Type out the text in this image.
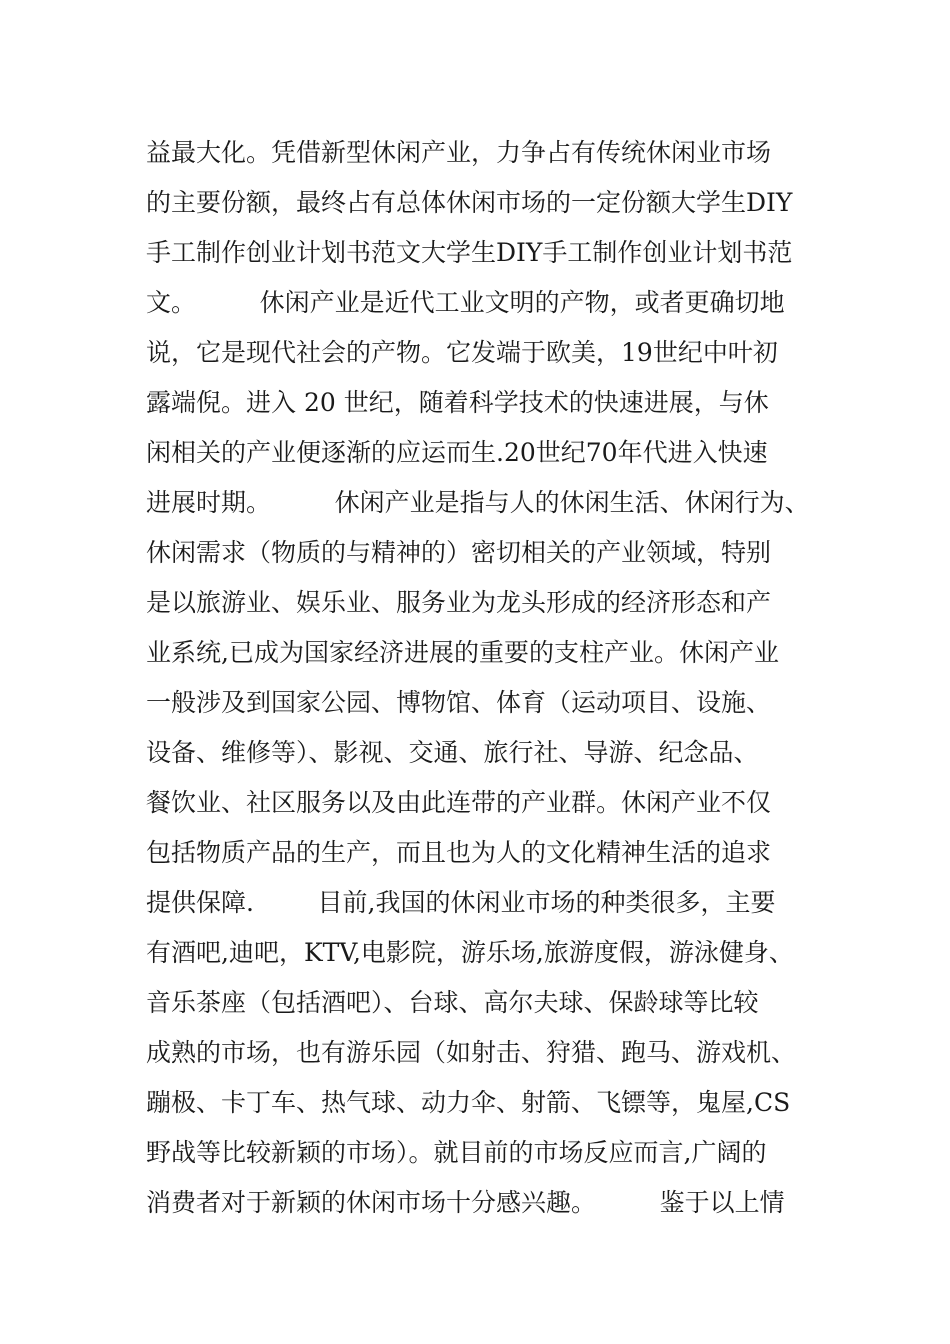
益最大化。凭借新型休闲产业，力争占有传统休闲业市场
的主要份额，最终占有总体休闲市场的一定份额大学生DIY
手工制作创业计划书范文大学生DIY手工制作创业计划书范
文。        休闲产业是近代工业文明的产物，或者更确切地
说，它是现代社会的产物。它发端于欧美，19世纪中叶初
露端倪。进入 20 世纪，随着科学技术的快速进展，与休
闲相关的产业便逐渐的应运而生.20世纪70年代进入快速
进展时期。        休闲产业是指与人的休闲生活、休闲行为、
休闲需求（物质的与精神的）密切相关的产业领域，特别
是以旅游业、娱乐业、服务业为龙头形成的经济形态和产
业系统,已成为国家经济进展的重要的支柱产业。休闲产业
一般涉及到国家公园、博物馆、体育（运动项目、设施、
设备、维修等）、影视、交通、旅行社、导游、纪念品、
餐饮业、社区服务以及由此连带的产业群。休闲产业不仅
包括物质产品的生产，而且也为人的文化精神生活的追求
提供保障.        目前,我国的休闲业市场的种类很多，主要
有酒吧,迪吧，KTV,电影院，游乐场,旅游度假，游泳健身、
音乐茶座（包括酒吧）、台球、高尔夫球、保龄球等比较
成熟的市场，也有游乐园（如射击、狩猎、跑马、游戏机、
蹦极、卡丁车、热气球、动力伞、射箭、飞镖等，鬼屋,CS
野战等比较新颖的市场）。就目前的市场反应而言,广阔的
消费者对于新颖的休闲市场十分感兴趣。        鉴于以上情
